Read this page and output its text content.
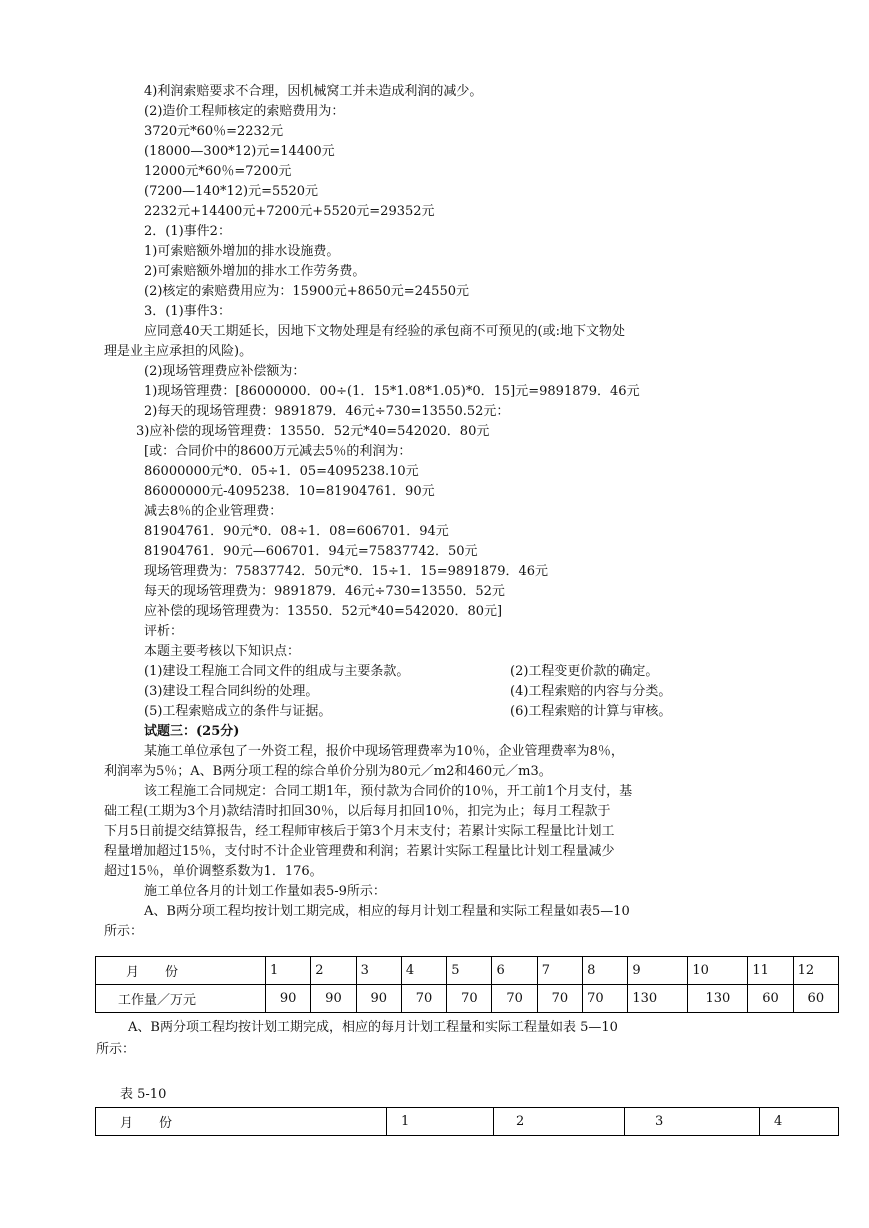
4)利润索赔要求不合理，因机械窝工并未造成利润的减少。
(2)造价工程师核定的索赔费用为：
3720元*60％=2232元
(18000—300*12)元=14400元
12000元*60％=7200元
(7200—140*12)元=5520元
2232元+14400元+7200元+5520元=29352元
2．(1)事件2：
1)可索赔额外增加的排水设施费。
2)可索赔额外增加的排水工作劳务费。
(2)核定的索赔费用应为：15900元+8650元=24550元
3．(1)事件3：
应同意40天工期延长，因地下文物处理是有经验的承包商不可预见的(或:地下文物处
理是业主应承担的风险)。
(2)现场管理费应补偿额为：
1)现场管理费：[86000000．00÷(1．15*1.08*1.05)*0．15]元=9891879．46元
2)每天的现场管理费：9891879．46元÷730=13550.52元：
3)应补偿的现场管理费：13550．52元*40=542020．80元
[或：合同价中的8600万元减去5％的利润为：
86000000元*0．05÷1．05=4095238.10元
86000000元-4095238．10=81904761．90元
减去8％的企业管理费：
81904761．90元*0．08÷1．08=606701．94元
81904761．90元—606701．94元=75837742．50元
现场管理费为：75837742．50元*0．15÷1．15=9891879．46元
每天的现场管理费为：9891879．46元÷730=13550．52元
应补偿的现场管理费为：13550．52元*40=542020．80元]
评析：
本题主要考核以下知识点：
(1)建设工程施工合同文件的组成与主要条款。	(2)工程变更价款的确定。
(3)建设工程合同纠纷的处理。	(4)工程索赔的内容与分类。
(5)工程索赔成立的条件与证据。	(6)工程索赔的计算与审核。
试题三：(25分)
某施工单位承包了一外资工程，报价中现场管理费率为10％，企业管理费率为8％，
利润率为5％；A、B两分项工程的综合单价分别为80元／m2和460元／m3。
该工程施工合同规定：合同工期1年，预付款为合同价的10％，开工前1个月支付，基
础工程(工期为3个月)款结清时扣回30％，以后每月扣回10％，扣完为止；每月工程款于
下月5日前提交结算报告，经工程师审核后于第3个月末支付；若累计实际工程量比计划工
程量增加超过15％，支付时不计企业管理费和利润；若累计实际工程量比计划工程量减少
超过15％，单价调整系数为1．176。
施工单位各月的计划工作量如表5-9所示：
A、B两分项工程均按计划工期完成，相应的每月计划工程量和实际工程量如表5—10
所示：
月　　份	1	2	3	4	5	6	7	8	9	10	11	12
工作量／万元	90	90	90	70	70	70	70	70	130	130	60	60
A、B两分项工程均按计划工期完成，相应的每月计划工程量和实际工程量如表 5—10
所示：
表 5-10
月　　份	1	2	3	4
